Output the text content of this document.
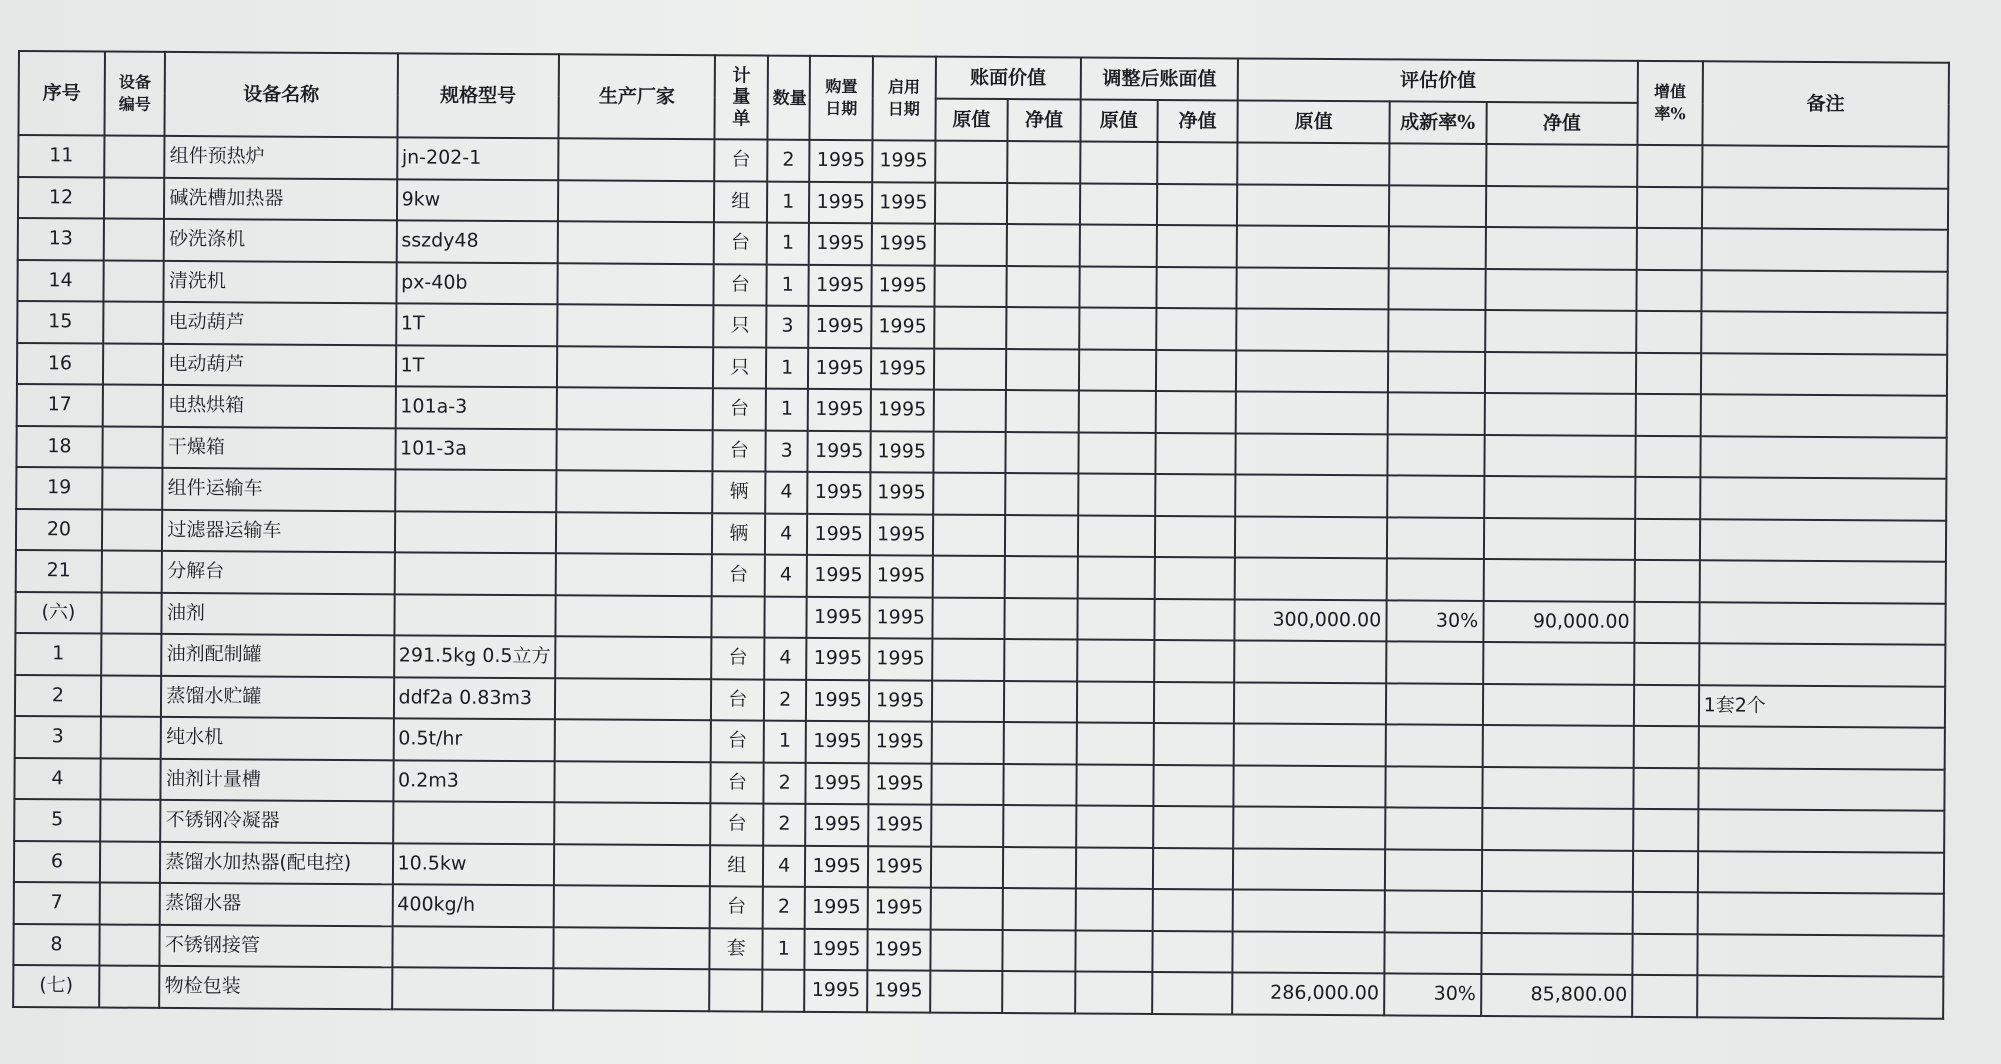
序号	设备编号	设备名称	规格型号	生产厂家	计量单	数量	购置日期	启用日期	账面价值		调整后账面值		评估价值			增值率%	备注
									原值	净值	原值	净值	原值	成新率%	净值		
11		组件预热炉	jn-202-1		台	2	1995	1995									
12		碱洗槽加热器	9kw		组	1	1995	1995									
13		砂洗涤机	sszdy48		台	1	1995	1995									
14		清洗机	px-40b		台	1	1995	1995									
15		电动葫芦	1T		只	3	1995	1995									
16		电动葫芦	1T		只	1	1995	1995									
17		电热烘箱	101a-3		台	1	1995	1995									
18		干燥箱	101-3a		台	3	1995	1995									
19		组件运输车			辆	4	1995	1995									
20		过滤器运输车			辆	4	1995	1995									
21		分解台			台	4	1995	1995									
(六)		油剂					1995	1995					300,000.00	30%	90,000.00		
1		油剂配制罐	291.5kg 0.5立方		台	4	1995	1995									
2		蒸馏水贮罐	ddf2a 0.83m3		台	2	1995	1995									1套2个
3		纯水机	0.5t/hr		台	1	1995	1995									
4		油剂计量槽	0.2m3		台	2	1995	1995									
5		不锈钢冷凝器			台	2	1995	1995									
6		蒸馏水加热器(配电控)	10.5kw		组	4	1995	1995									
7		蒸馏水器	400kg/h		台	2	1995	1995									
8		不锈钢接管			套	1	1995	1995									
(七)		物检包装					1995	1995					286,000.00	30%	85,800.00		
